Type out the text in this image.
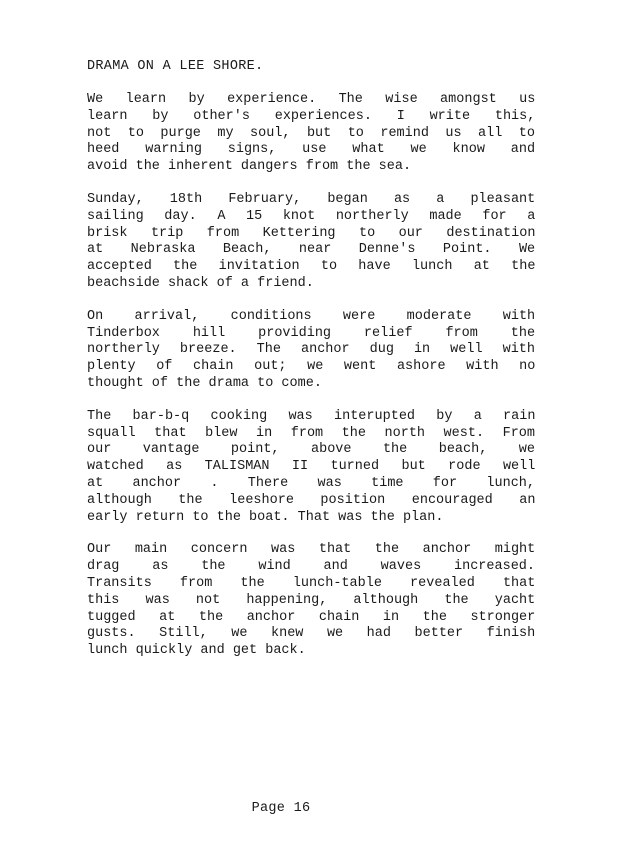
DRAMA ON A LEE SHORE.
We learn by experience. The wise amongst us
learn by other's experiences. I write this,
not to purge my soul, but to remind us all to
heed warning signs, use what we know and
avoid the inherent dangers from the sea.
Sunday, 18th February, began as a pleasant
sailing day. A 15 knot northerly made for a
brisk trip from Kettering to our destination
at Nebraska Beach, near Denne's Point. We
accepted the invitation to have lunch at the
beachside shack of a friend.
On arrival, conditions were moderate with
Tinderbox hill providing relief from the
northerly breeze. The anchor dug in well with
plenty of chain out; we went ashore with no
thought of the drama to come.
The bar-b-q cooking was interupted by a rain
squall that blew in from the north west. From
our vantage point, above the beach, we
watched as TALISMAN II turned but rode well
at anchor . There was time for lunch,
although the leeshore position encouraged an
early return to the boat. That was the plan.
Our main concern was that the anchor might
drag as the wind and waves increased.
Transits from the lunch-table revealed that
this was not happening, although the yacht
tugged at the anchor chain in the stronger
gusts. Still, we knew we had better finish
lunch quickly and get back.
Page 16
